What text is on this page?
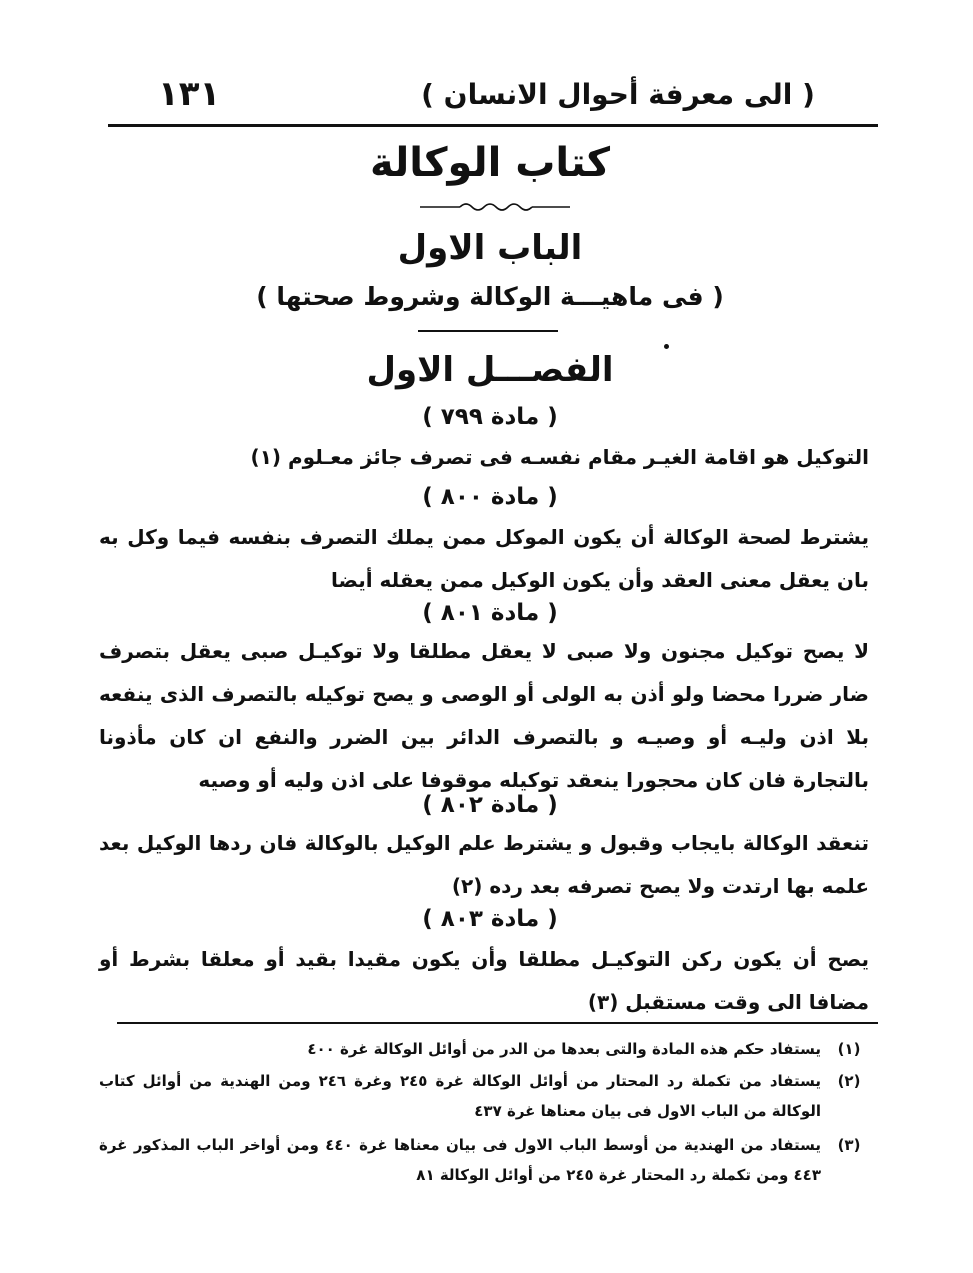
( الى معرفة أحوال الانسان )
١٣١
كتاب الوكالة
الباب الاول
( فى ماهيـــة الوكالة وشروط صحتها )
الفصـــل الاول
( مادة ٧٩٩ )
التوكيل هو اقامة الغيـر مقام نفسـه فى تصرف جائز معـلوم (١)
( مادة ٨٠٠ )
يشترط لصحة الوكالة أن يكون الموكل ممن يملك التصرف بنفسه فيما وكل به بان يعقل معنى العقد وأن يكون الوكيل ممن يعقله أيضا
( مادة ٨٠١ )
لا يصح توكيل مجنون ولا صبى لا يعقل مطلقا ولا توكيـل صبى يعقل بتصرف ضار ضررا محضا ولو أذن به الولى أو الوصى و يصح توكيله بالتصرف الذى ينفعه بلا اذن وليـه أو وصيـه و بالتصرف الدائر بين الضرر والنفع ان كان مأذونا بالتجارة فان كان محجورا ينعقد توكيله موقوفا على اذن وليه أو وصيه
( مادة ٨٠٢ )
تنعقد الوكالة بايجاب وقبول و يشترط علم الوكيل بالوكالة فان ردها الوكيل بعد علمه بها ارتدت ولا يصح تصرفه بعد رده (٢)
( مادة ٨٠٣ )
يصح أن يكون ركن التوكيـل مطلقا وأن يكون مقيدا بقيد أو معلقا بشرط أو مضافا الى وقت مستقبل (٣)
(١)
يستفاد حكم هذه المادة والتى بعدها من الدر من أوائل الوكالة غرة ٤٠٠
(٢)
يستفاد من تكملة رد المحتار من أوائل الوكالة غرة ٢٤٥ وغرة ٢٤٦ ومن الهندية من أوائل كتاب الوكالة من الباب الاول فى بيان معناها غرة ٤٣٧
(٣)
يستفاد من الهندية من أوسط الباب الاول فى بيان معناها غرة ٤٤٠ ومن أواخر الباب المذكور غرة ٤٤٣ ومن تكملة رد المحتار غرة ٢٤٥ من أوائل الوكالة ٨١
